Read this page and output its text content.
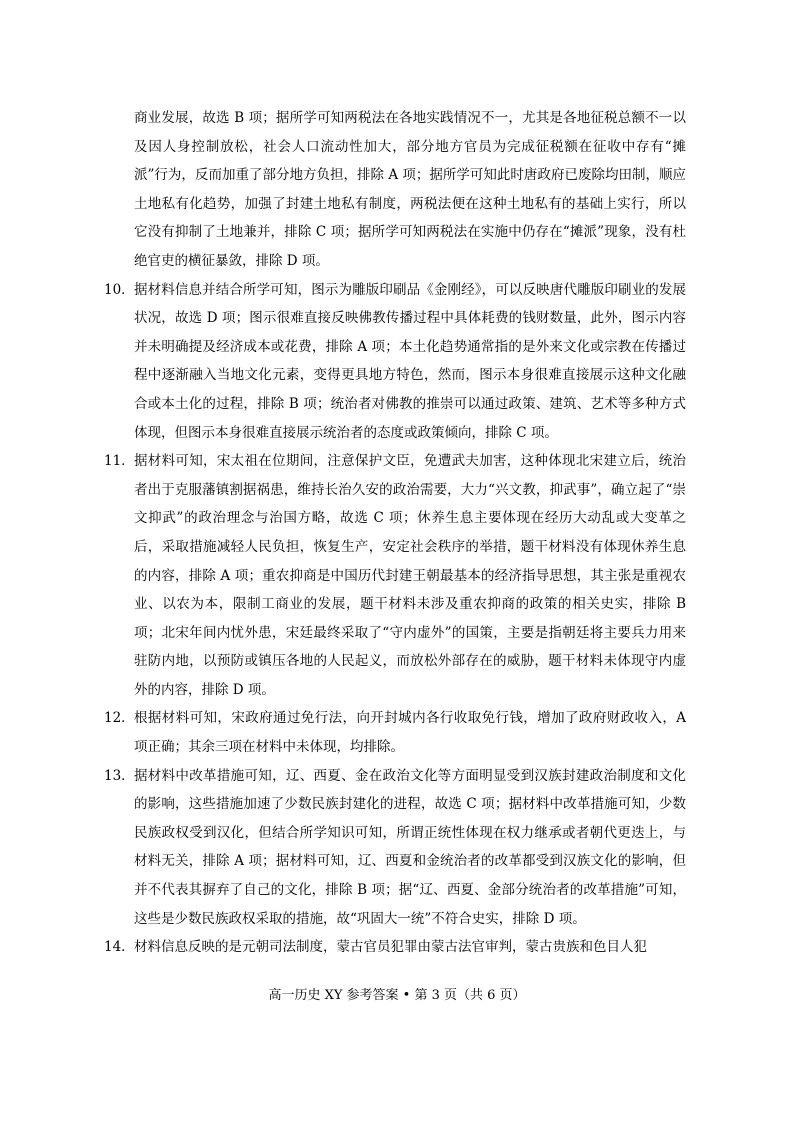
商业发展，故选 B 项；据所学可知两税法在各地实践情况不一，尤其是各地征税总额不一以及因人身控制放松，社会人口流动性加大，部分地方官员为完成征税额在征收中存有“摊派”行为，反而加重了部分地方负担，排除 A 项；据所学可知此时唐政府已废除均田制，顺应土地私有化趋势，加强了封建土地私有制度，两税法便在这种土地私有的基础上实行，所以它没有抑制了土地兼并，排除 C 项；据所学可知两税法在实施中仍存在“摊派”现象，没有杜绝官吏的横征暴敛，排除 D 项。
10． 据材料信息并结合所学可知，图示为雕版印刷品《金刚经》，可以反映唐代雕版印刷业的发展状况，故选 D 项；图示很难直接反映佛教传播过程中具体耗费的钱财数量，此外，图示内容并未明确提及经济成本或花费，排除 A 项；本土化趋势通常指的是外来文化或宗教在传播过程中逐渐融入当地文化元素，变得更具地方特色，然而，图示本身很难直接展示这种文化融合或本土化的过程，排除 B 项；统治者对佛教的推崇可以通过政策、建筑、艺术等多种方式体现，但图示本身很难直接展示统治者的态度或政策倾向，排除 C 项。
11． 据材料可知，宋太祖在位期间，注意保护文臣，免遭武夫加害，这种体现北宋建立后，统治者出于克服藩镇割据祸患，维持长治久安的政治需要，大力“兴文教，抑武事”，确立起了“崇文抑武”的政治理念与治国方略，故选 C 项；休养生息主要体现在经历大动乱或大变革之后，采取措施减轻人民负担，恢复生产，安定社会秩序的举措，题干材料没有体现休养生息的内容，排除 A 项；重农抑商是中国历代封建王朝最基本的经济指导思想，其主张是重视农业、以农为本，限制工商业的发展，题干材料未涉及重农抑商的政策的相关史实，排除 B 项；北宋年间内忧外患，宋廷最终采取了“守内虚外”的国策，主要是指朝廷将主要兵力用来驻防内地，以预防或镇压各地的人民起义，而放松外部存在的威胁，题干材料未体现守内虚外的内容，排除 D 项。
12． 根据材料可知，宋政府通过免行法，向开封城内各行收取免行钱，增加了政府财政收入，A 项正确；其余三项在材料中未体现，均排除。
13． 据材料中改革措施可知，辽、西夏、金在政治文化等方面明显受到汉族封建政治制度和文化的影响，这些措施加速了少数民族封建化的进程，故选 C 项；据材料中改革措施可知，少数民族政权受到汉化，但结合所学知识可知，所谓正统性体现在权力继承或者朝代更迭上，与材料无关，排除 A 项；据材料可知，辽、西夏和金统治者的改革都受到汉族文化的影响，但并不代表其摒弃了自己的文化，排除 B 项；据“辽、西夏、金部分统治者的改革措施”可知，这些是少数民族政权采取的措施，故“巩固大一统”不符合史实，排除 D 项。
14． 材料信息反映的是元朝司法制度，蒙古官员犯罪由蒙古法官审判，蒙古贵族和色目人犯
高一历史 XY 参考答案 • 第 3 页（共 6 页）
